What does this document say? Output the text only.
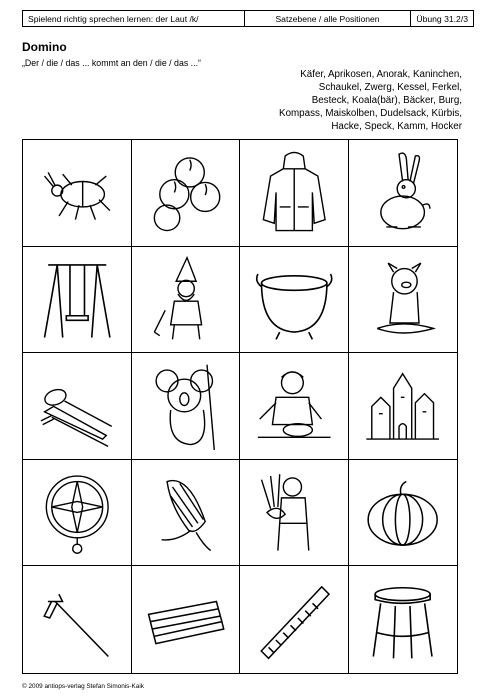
Spielend richtig sprechen lernen: der Laut /k/	Satzebene / alle Positionen	Übung 31.2/3
Domino
„Der / die / das ... kommt an den / die / das ...“
Käfer, Aprikosen, Anorak, Kaninchen,
Schaukel, Zwerg, Kessel, Ferkel,
Besteck, Koala(bär), Bäcker, Burg,
Kompass, Maiskolben, Dudelsack, Kürbis,
Hacke, Speck, Kamm, Hocker
© 2009 antiops-verlag Stefan Simonis-Kaik
